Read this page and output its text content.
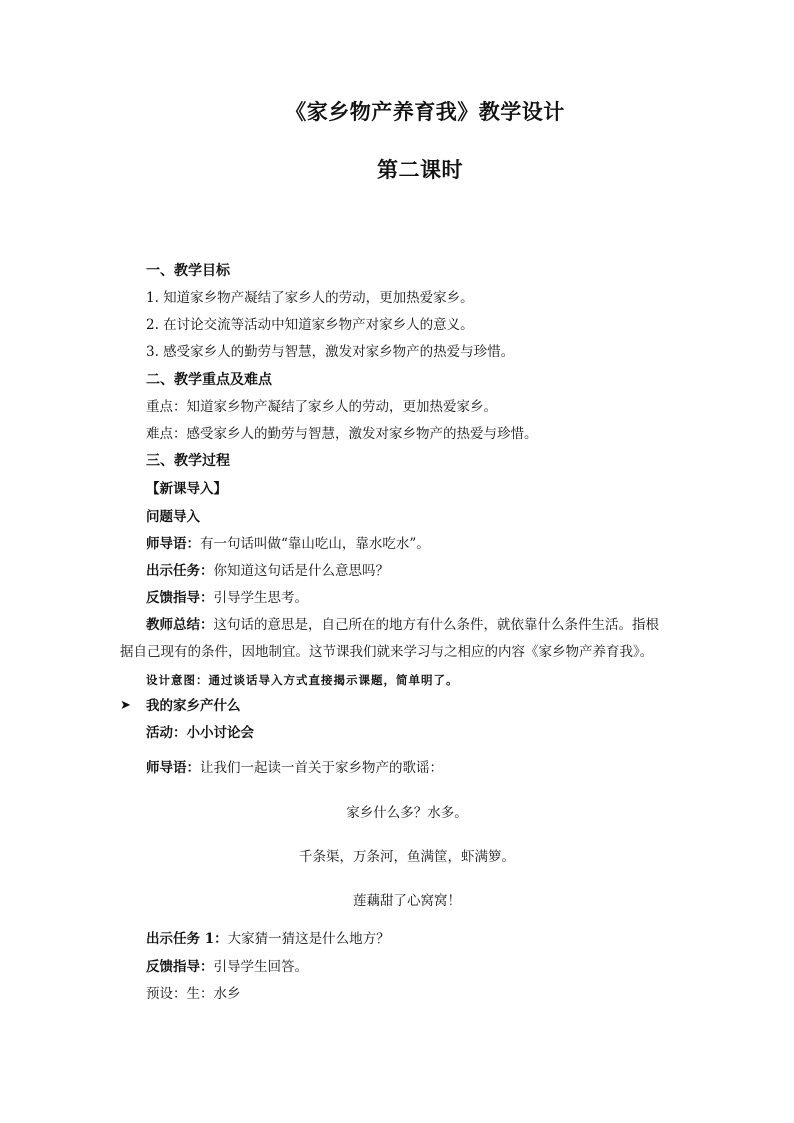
《家乡物产养育我》教学设计
第二课时
一、教学目标
1. 知道家乡物产凝结了家乡人的劳动，更加热爱家乡。
2. 在讨论交流等活动中知道家乡物产对家乡人的意义。
3. 感受家乡人的勤劳与智慧，激发对家乡物产的热爱与珍惜。
二、教学重点及难点
重点：知道家乡物产凝结了家乡人的劳动，更加热爱家乡。
难点：感受家乡人的勤劳与智慧，激发对家乡物产的热爱与珍惜。
三、教学过程
【新课导入】
问题导入
师导语：有一句话叫做“靠山吃山，靠水吃水”。
出示任务：你知道这句话是什么意思吗？
反馈指导：引导学生思考。
教师总结：这句话的意思是，自己所在的地方有什么条件，就依靠什么条件生活。指根
据自己现有的条件，因地制宜。这节课我们就来学习与之相应的内容《家乡物产养育我》。
设计意图：通过谈话导入方式直接揭示课题，简单明了。
➤ 我的家乡产什么
活动：小小讨论会
师导语：让我们一起读一首关于家乡物产的歌谣：
家乡什么多？水多。
千条渠，万条河，鱼满筐，虾满箩。
莲藕甜了心窝窝！
出示任务 1：大家猜一猜这是什么地方？
反馈指导：引导学生回答。
预设：生：水乡
